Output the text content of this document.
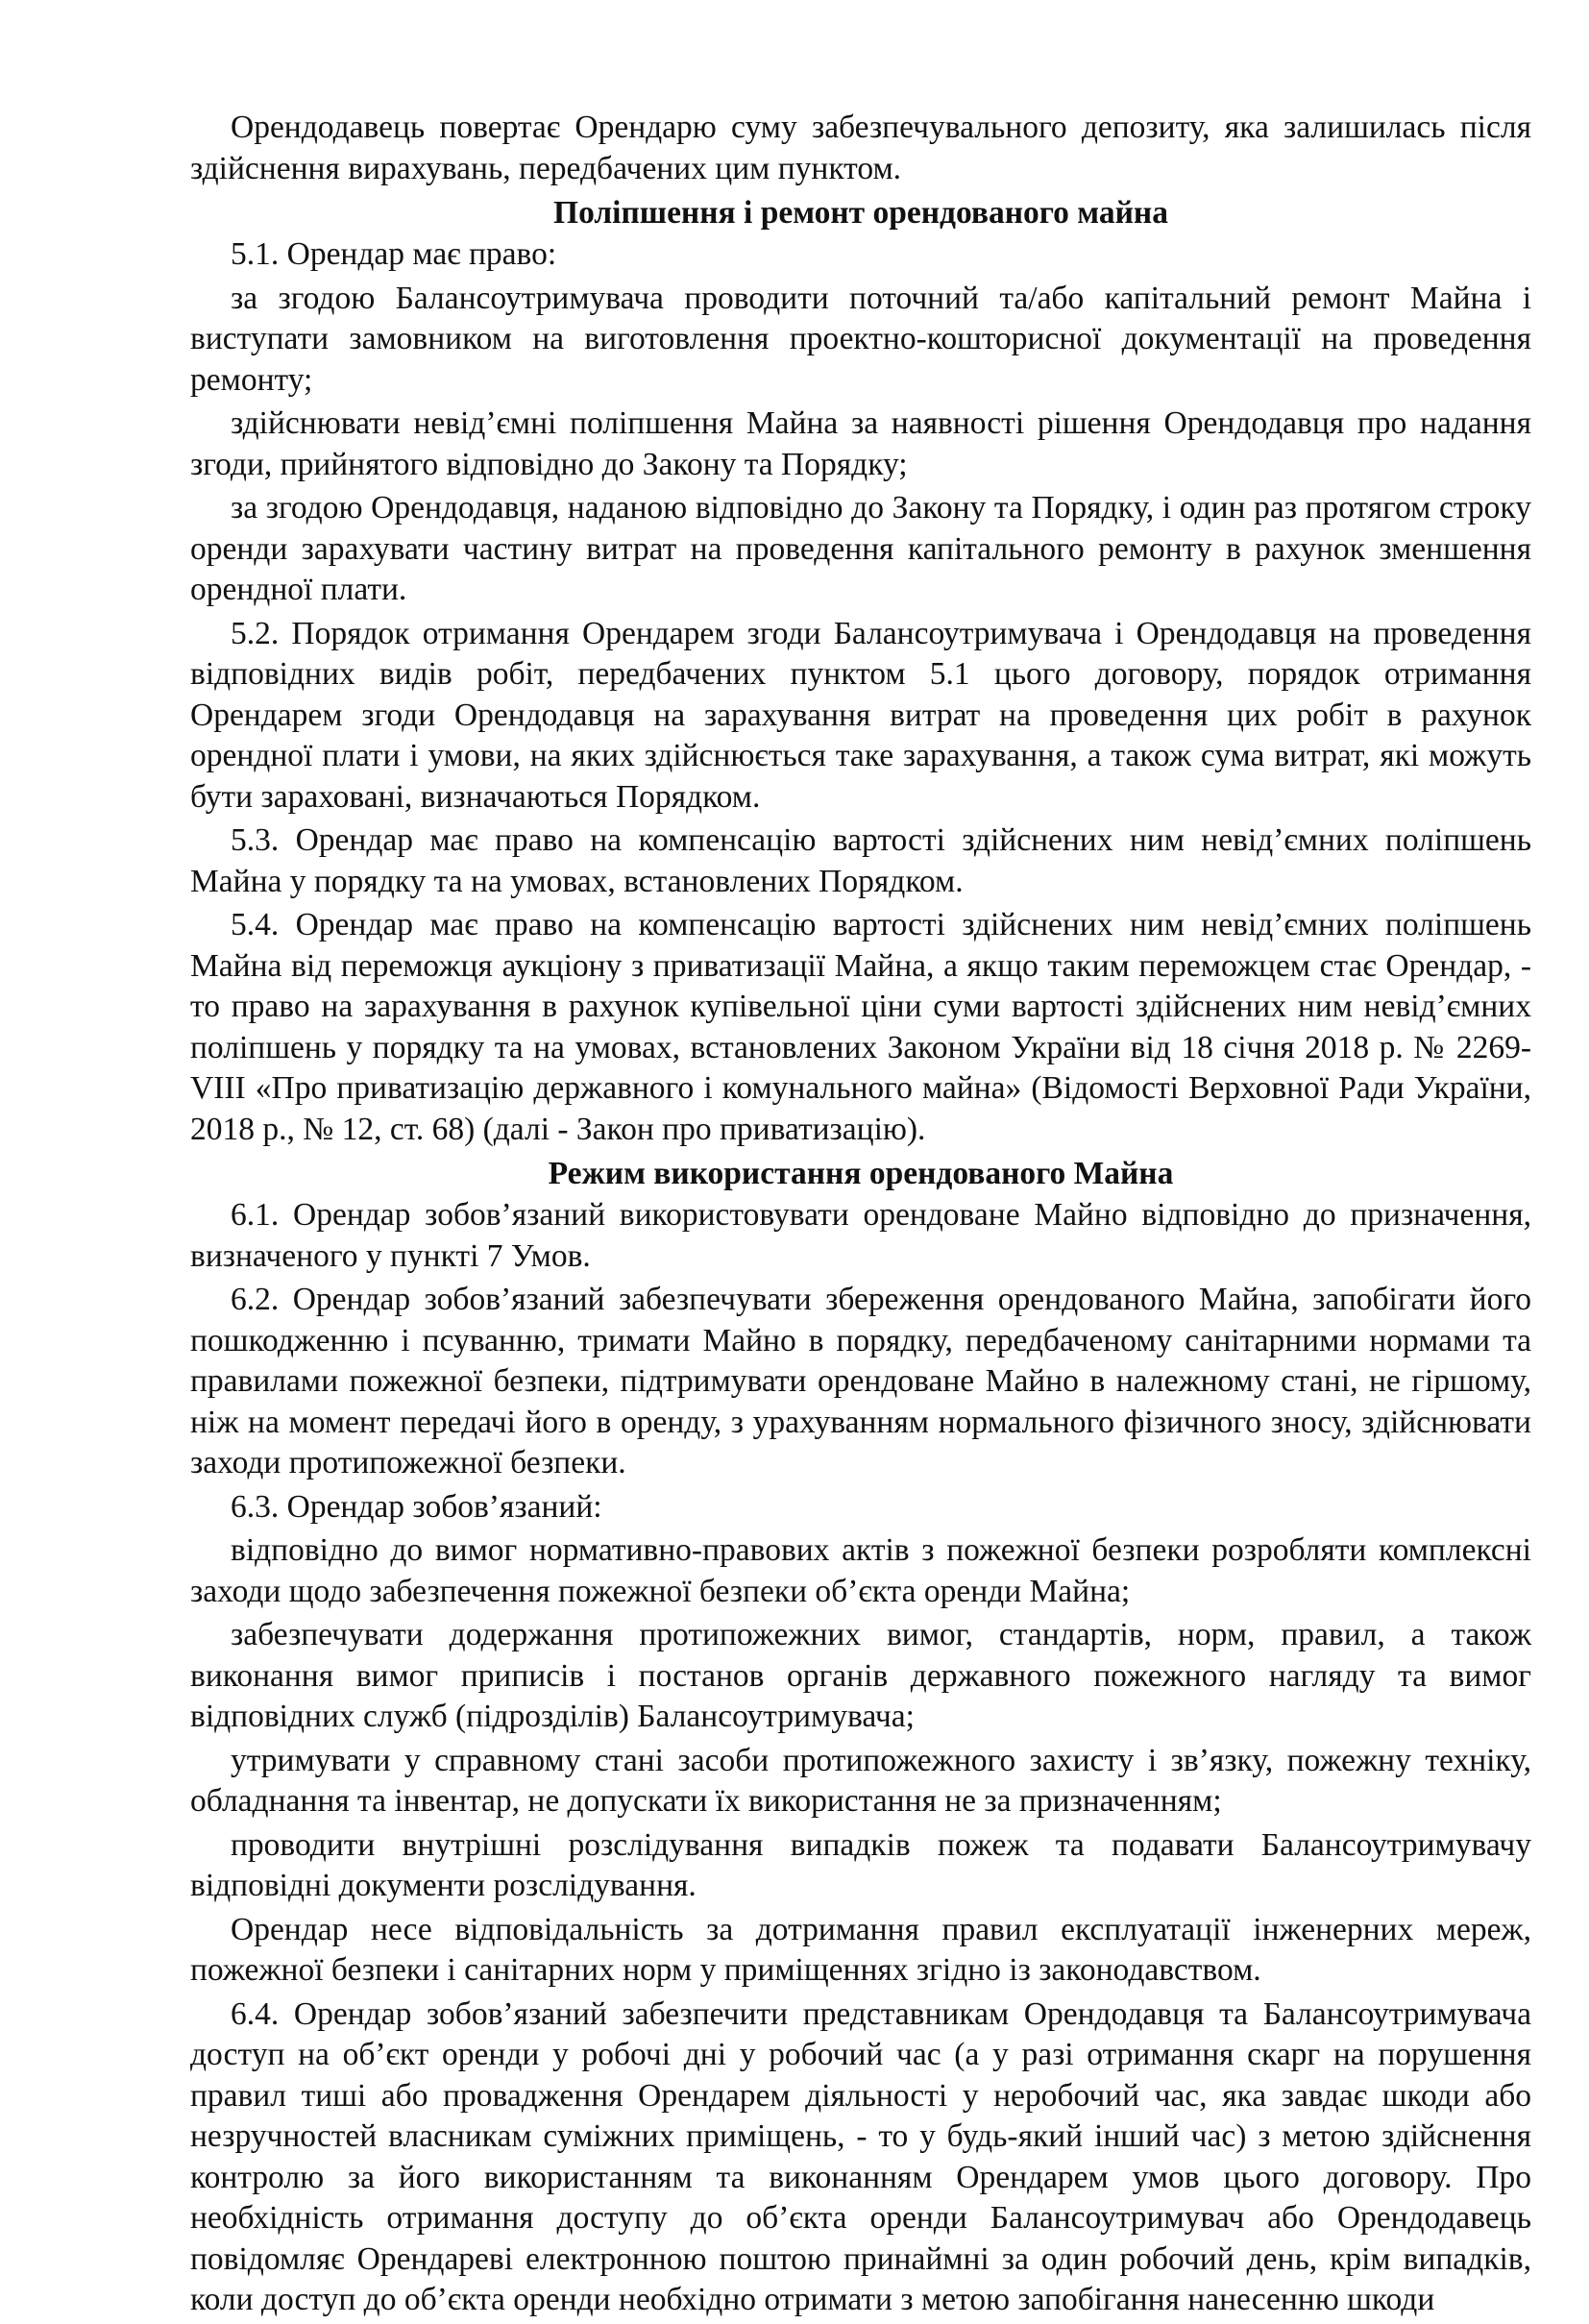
Орендодавець повертає Орендарю суму забезпечувального депозиту, яка залишилась після здійснення вирахувань, передбачених цим пунктом.

Поліпшення і ремонт орендованого майна

5.1. Орендар має право:

за згодою Балансоутримувача проводити поточний та/або капітальний ремонт Майна і виступати замовником на виготовлення проектно-кошторисної документації на проведення ремонту;

здійснювати невід’ємні поліпшення Майна за наявності рішення Орендодавця про надання згоди, прийнятого відповідно до Закону та Порядку;

за згодою Орендодавця, наданою відповідно до Закону та Порядку, і один раз протягом строку оренди зарахувати частину витрат на проведення капітального ремонту в рахунок зменшення орендної плати.

5.2. Порядок отримання Орендарем згоди Балансоутримувача і Орендодавця на проведення відповідних видів робіт, передбачених пунктом 5.1 цього договору, порядок отримання Орендарем згоди Орендодавця на зарахування витрат на проведення цих робіт в рахунок орендної плати і умови, на яких здійснюється таке зарахування, а також сума витрат, які можуть бути зараховані, визначаються Порядком.

5.3. Орендар має право на компенсацію вартості здійснених ним невід’ємних поліпшень Майна у порядку та на умовах, встановлених Порядком.

5.4. Орендар має право на компенсацію вартості здійснених ним невід’ємних поліпшень Майна від переможця аукціону з приватизації Майна, а якщо таким переможцем стає Орендар, - то право на зарахування в рахунок купівельної ціни суми вартості здійснених ним невід’ємних поліпшень у порядку та на умовах, встановлених Законом України від 18 січня 2018 р. № 2269-VIII «Про приватизацію державного і комунального майна» (Відомості Верховної Ради України, 2018 р., № 12, ст. 68) (далі - Закон про приватизацію).

Режим використання орендованого Майна

6.1. Орендар зобов’язаний використовувати орендоване Майно відповідно до призначення, визначеного у пункті 7 Умов.

6.2. Орендар зобов’язаний забезпечувати збереження орендованого Майна, запобігати його пошкодженню і псуванню, тримати Майно в порядку, передбаченому санітарними нормами та правилами пожежної безпеки, підтримувати орендоване Майно в належному стані, не гіршому, ніж на момент передачі його в оренду, з урахуванням нормального фізичного зносу, здійснювати заходи протипожежної безпеки.

6.3. Орендар зобов’язаний:

відповідно до вимог нормативно-правових актів з пожежної безпеки розробляти комплексні заходи щодо забезпечення пожежної безпеки об’єкта оренди Майна;

забезпечувати додержання протипожежних вимог, стандартів, норм, правил, а також виконання вимог приписів і постанов органів державного пожежного нагляду та вимог відповідних служб (підрозділів) Балансоутримувача;

утримувати у справному стані засоби протипожежного захисту і зв’язку, пожежну техніку, обладнання та інвентар, не допускати їх використання не за призначенням;

проводити внутрішні розслідування випадків пожеж та подавати Балансоутримувачу відповідні документи розслідування.

Орендар несе відповідальність за дотримання правил експлуатації інженерних мереж, пожежної безпеки і санітарних норм у приміщеннях згідно із законодавством.

6.4. Орендар зобов’язаний забезпечити представникам Орендодавця та Балансоутримувача доступ на об’єкт оренди у робочі дні у робочий час (а у разі отримання скарг на порушення правил тиші або провадження Орендарем діяльності у неробочий час, яка завдає шкоди або незручностей власникам суміжних приміщень, - то у будь-який інший час) з метою здійснення контролю за його використанням та виконанням Орендарем умов цього договору. Про необхідність отримання доступу до об’єкта оренди Балансоутримувач або Орендодавець повідомляє Орендареві електронною поштою принаймні за один робочий день, крім випадків, коли доступ до об’єкта оренди необхідно отримати з метою запобігання нанесенню шкоди
